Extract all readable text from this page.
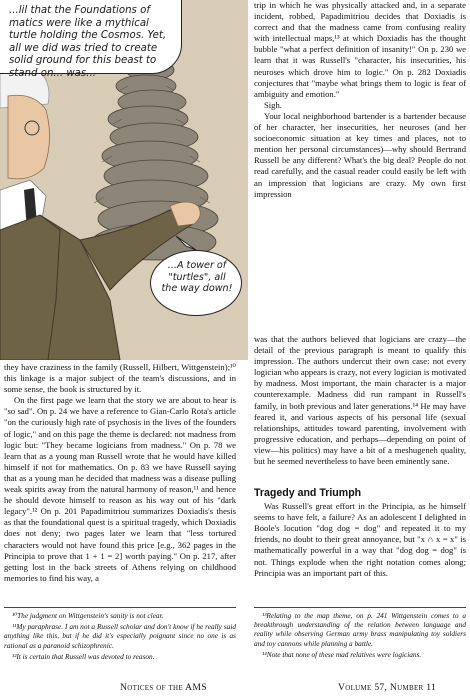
...lil that the Foundations of matics were like a mythical turtle holding the Cosmos. Yet, all we did was tried to create solid ground for this beast to stand on... was...
...A tower of "turtles", all the way down!

trip in which he was physically attacked and, in a separate incident, robbed, Papadimitriou decides that Doxiadis is correct and that the madness came from confusing reality with intellectual maps,¹³ at which Doxiadis has the thought bubble "what a perfect definition of insanity!" On p. 230 we learn that it was Russell's "character, his insecurities, his neuroses which drove him to logic." On p. 282 Doxiadis conjectures that "maybe what brings them to logic is fear of ambiguity and emotion."

Sigh.

Your local neighborhood bartender is a bartender because of her character, her insecurities, her neuroses (and her socioeconomic situation at key times and places, not to mention her personal circumstances)—why should Bertrand Russell be any different? What's the big deal? People do not read carefully, and the casual reader could easily be left with an impression that logicians are crazy. My own first impression

was that the authors believed that logicians are crazy—the detail of the previous paragraph is meant to qualify this impression. The authors undercut their own case: not every logician who appears is crazy, not every logician is motivated by madness. Most important, the main character is a major counterexample. Madness did run rampant in Russell's family, in both previous and later generations.¹⁴ He may have feared it, and various aspects of his personal life (sexual relationships, attitudes toward parenting, involvement with progressive education, and perhaps—depending on point of view—his politics) may have a bit of a meshugeneh quality, but he seemed nevertheless to have been eminently sane.

they have craziness in the family (Russell, Hilbert, Wittgenstein);¹⁰ this linkage is a major subject of the team's discussions, and in some sense, the book is structured by it.

On the first page we learn that the story we are about to hear is "so sad". On p. 24 we have a reference to Gian-Carlo Rota's article "on the curiously high rate of psychosis in the lives of the founders of logic," and on this page the theme is declared: not madness from logic but: "They became logicians from madness." On p. 78 we learn that as a young man Russell wrote that he would have killed himself if not for mathematics. On p. 83 we have Russell saying that as a young man he decided that madness was a disease pulling weak spirits away from the natural harmony of reason,¹¹ and hence he should devote himself to reason as his way out of his "dark legacy".¹² On p. 201 Papadimitriou summarizes Doxiadis's thesis as that the foundational quest is a spiritual tragedy, which Doxiadis does not deny; two pages later we learn that "less tortured characters would not have found this price [e.g., 362 pages in the Principia to prove that 1 + 1 = 2] worth paying." On p. 217, after getting lost in the back streets of Athens relying on childhood memories to find his way, a

Tragedy and Triumph

Was Russell's great effort in the Principia, as he himself seems to have felt, a failure? As an adolescent I delighted in Boole's locution "dog dog = dog" and repeated it to my friends, no doubt to their great annoyance, but "x ∩ x = x" is mathematically powerful in a way that "dog dog = dog" is not. Things explode when the right notation comes along; Principia was an important part of this.

¹⁰The judgment on Wittgenstein's sanity is not clear.

¹¹My paraphrase. I am not a Russell scholar and don't know if he really said anything like this, but if he did it's especially poignant since no one is as rational as a paranoid schizophrenic.

¹²It is certain that Russell was devoted to reason.

¹³Relating to the map theme, on p. 241 Wittgenstein comes to a breakthrough understanding of the relation between language and reality while observing German army brass manipulating toy soldiers and toy cannons while planning a battle.

¹⁴Note that none of these mad relatives were logicians.

Notices of the AMS	Volume 57, Number 11
